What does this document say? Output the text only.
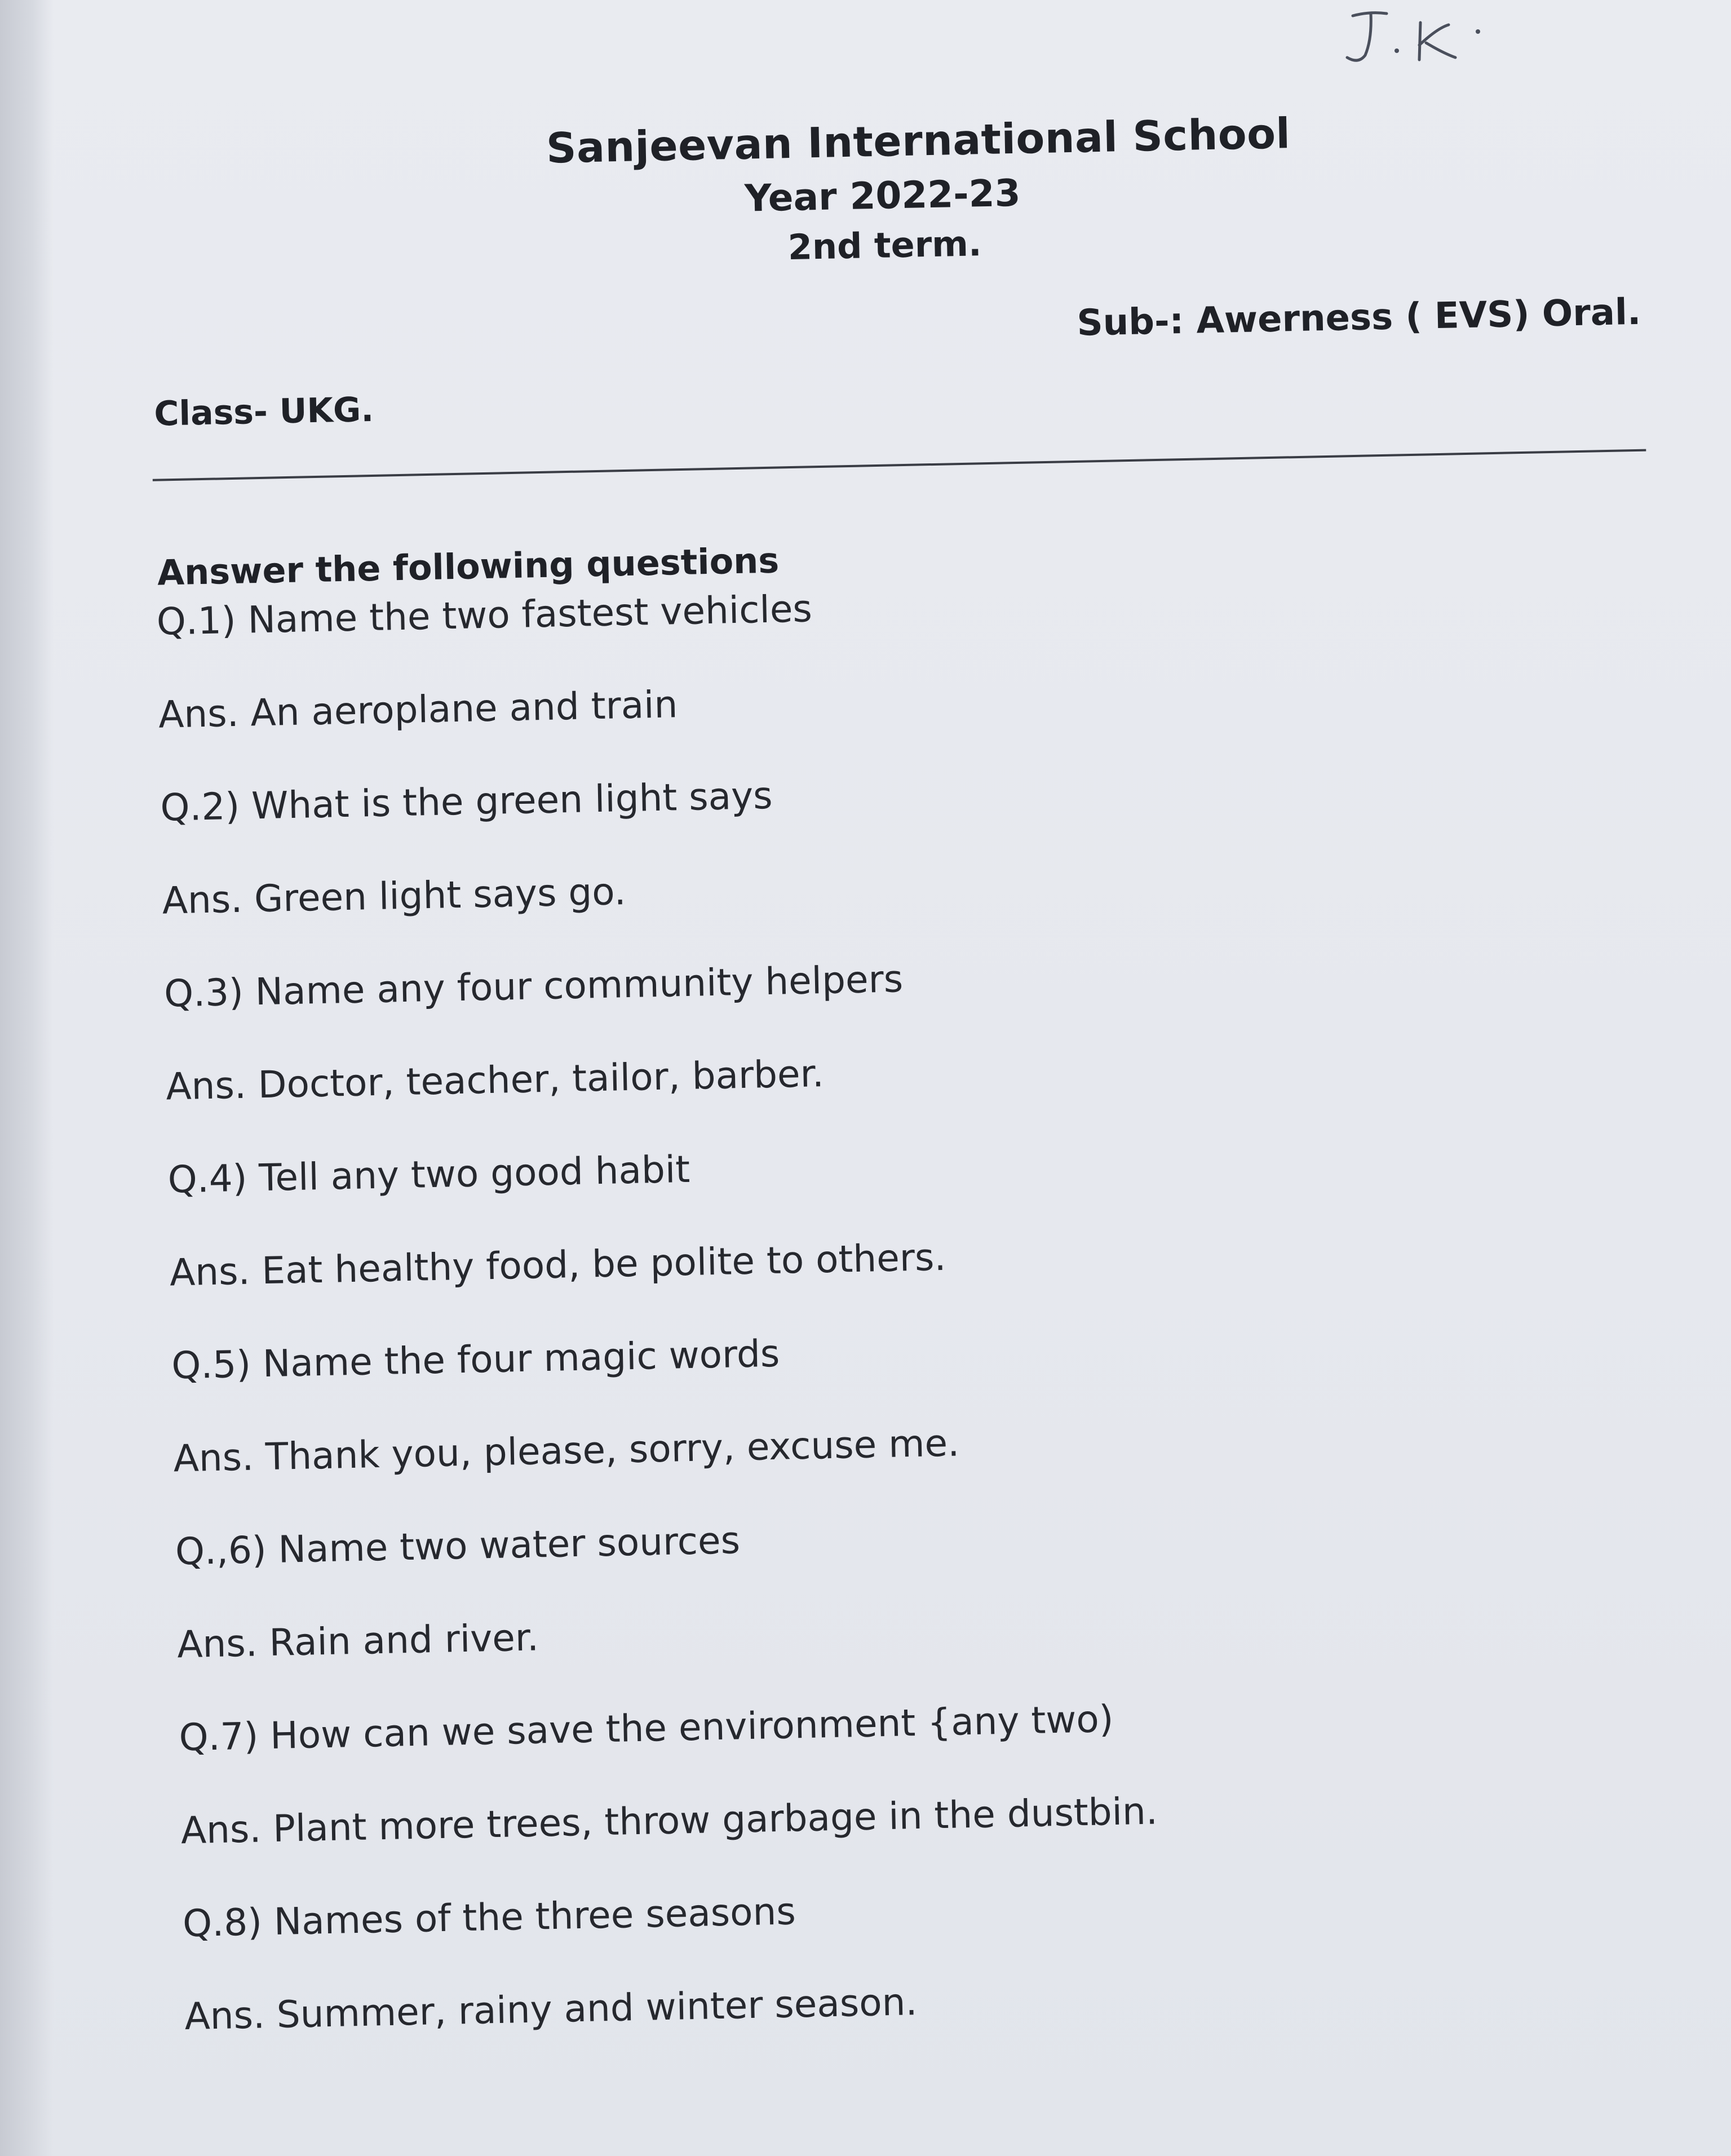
Sanjeevan International School
Year 2022-23
2nd term.
Sub-: Awerness ( EVS) Oral.
Class- UKG.
Answer the following questions
Q.1) Name the two fastest vehicles
Ans. An aeroplane and train
Q.2) What is the green light says
Ans. Green light says go.
Q.3) Name any four community helpers
Ans. Doctor, teacher, tailor, barber.
Q.4) Tell any two good habit
Ans. Eat healthy food, be polite to others.
Q.5) Name the four magic words
Ans. Thank you, please, sorry, excuse me.
Q.,6) Name two water sources
Ans. Rain and river.
Q.7) How can we save the environment {any two)
Ans. Plant more trees, throw garbage in the dustbin.
Q.8) Names of the three seasons
Ans. Summer, rainy and winter season.
